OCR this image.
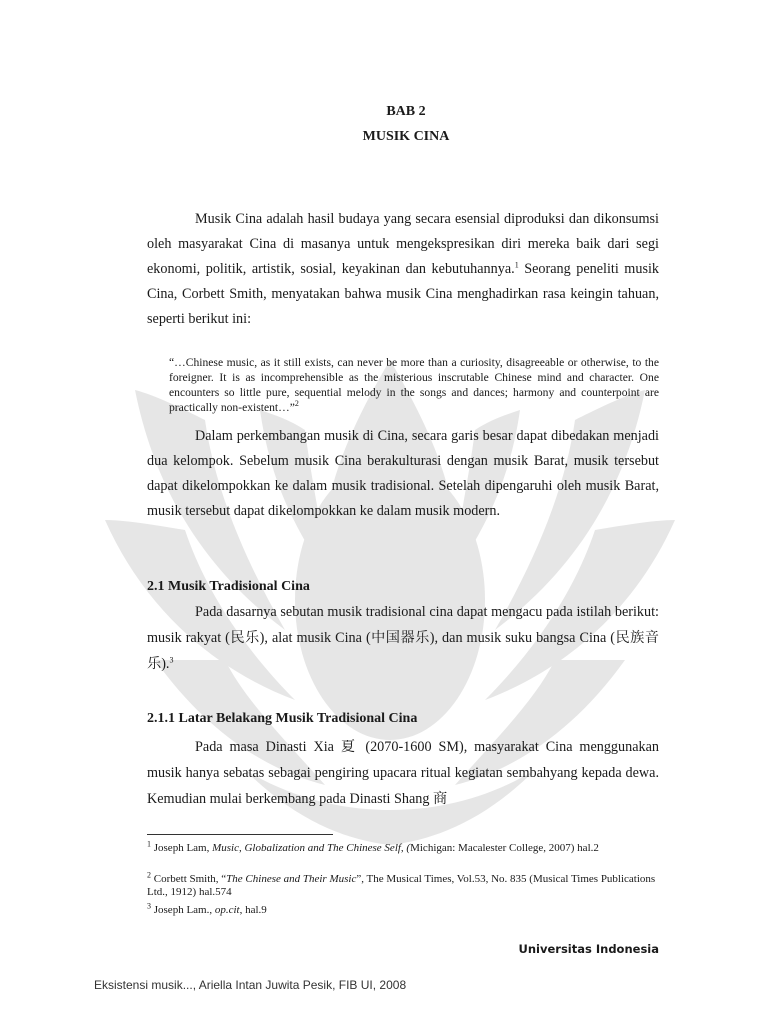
BAB 2
MUSIK CINA

Musik Cina adalah hasil budaya yang secara esensial diproduksi dan dikonsumsi oleh masyarakat Cina di masanya untuk mengekspresikan diri mereka baik dari segi ekonomi, politik, artistik, sosial, keyakinan dan kebutuhannya.$^1$ Seorang peneliti musik Cina, Corbett Smith, menyatakan bahwa musik Cina menghadirkan rasa keingin tahuan, seperti berikut ini:

“…Chinese music, as it still exists, can never be more than a curiosity, disagreeable or otherwise, to the foreigner. It is as incomprehensible as the misterious inscrutable Chinese mind and character. One encounters so little pure, sequential melody in the songs and dances; harmony and counterpoint are practically non-existent…”$^2$

Dalam perkembangan musik di Cina, secara garis besar dapat dibedakan menjadi dua kelompok. Sebelum musik Cina berakulturasi dengan musik Barat, musik tersebut dapat dikelompokkan ke dalam musik tradisional. Setelah dipengaruhi oleh musik Barat, musik tersebut dapat dikelompokkan ke dalam musik modern.

2.1 Musik Tradisional Cina

Pada dasarnya sebutan musik tradisional cina dapat mengacu pada istilah berikut: musik rakyat (民乐), alat musik Cina (中国器乐), dan musik suku bangsa Cina (民族音乐).$^3$

2.1.1 Latar Belakang Musik Tradisional Cina

Pada masa Dinasti Xia 夏 (2070-1600 SM), masyarakat Cina menggunakan musik hanya sebatas sebagai pengiring upacara ritual kegiatan sembahyang kepada dewa. Kemudian mulai berkembang pada Dinasti Shang 商

$^1$ Joseph Lam, Music, Globalization and The Chinese Self, (Michigan: Macalester College, 2007) hal.2
$^2$ Corbett Smith, “The Chinese and Their Music”, The Musical Times, Vol.53, No. 835 (Musical Times Publications Ltd., 1912) hal.574
$^3$ Joseph Lam., op.cit, hal.9
Universitas Indonesia
Eksistensi musik..., Ariella Intan Juwita Pesik, FIB UI, 2008
